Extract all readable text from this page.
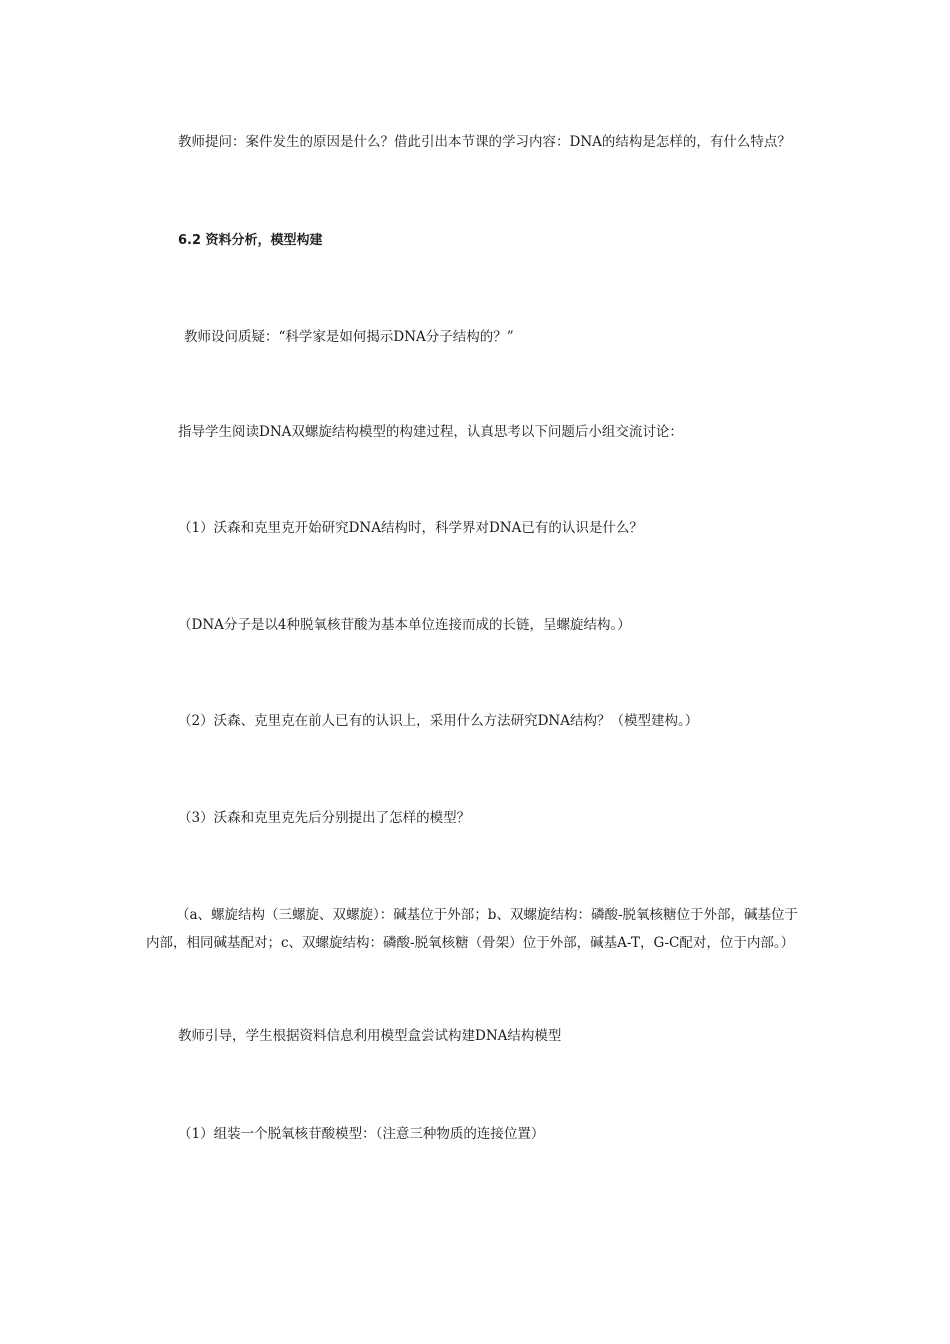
教师提问：案件发生的原因是什么？借此引出本节课的学习内容：DNA的结构是怎样的，有什么特点？
6.2 资料分析，模型构建
教师设问质疑：“科学家是如何揭示DNA分子结构的？”
指导学生阅读DNA双螺旋结构模型的构建过程，认真思考以下问题后小组交流讨论：
（1）沃森和克里克开始研究DNA结构时，科学界对DNA已有的认识是什么？
（DNA分子是以4种脱氧核苷酸为基本单位连接而成的长链，呈螺旋结构。）
（2）沃森、克里克在前人已有的认识上，采用什么方法研究DNA结构？（模型建构。）
（3）沃森和克里克先后分别提出了怎样的模型？
（a、螺旋结构（三螺旋、双螺旋）：碱基位于外部；b、双螺旋结构：磷酸-脱氧核糖位于外部，碱基位于内部，相同碱基配对；c、双螺旋结构：磷酸-脱氧核糖（骨架）位于外部，碱基A-T，G-C配对，位于内部。）
教师引导，学生根据资料信息利用模型盒尝试构建DNA结构模型
（1）组装一个脱氧核苷酸模型：（注意三种物质的连接位置）
